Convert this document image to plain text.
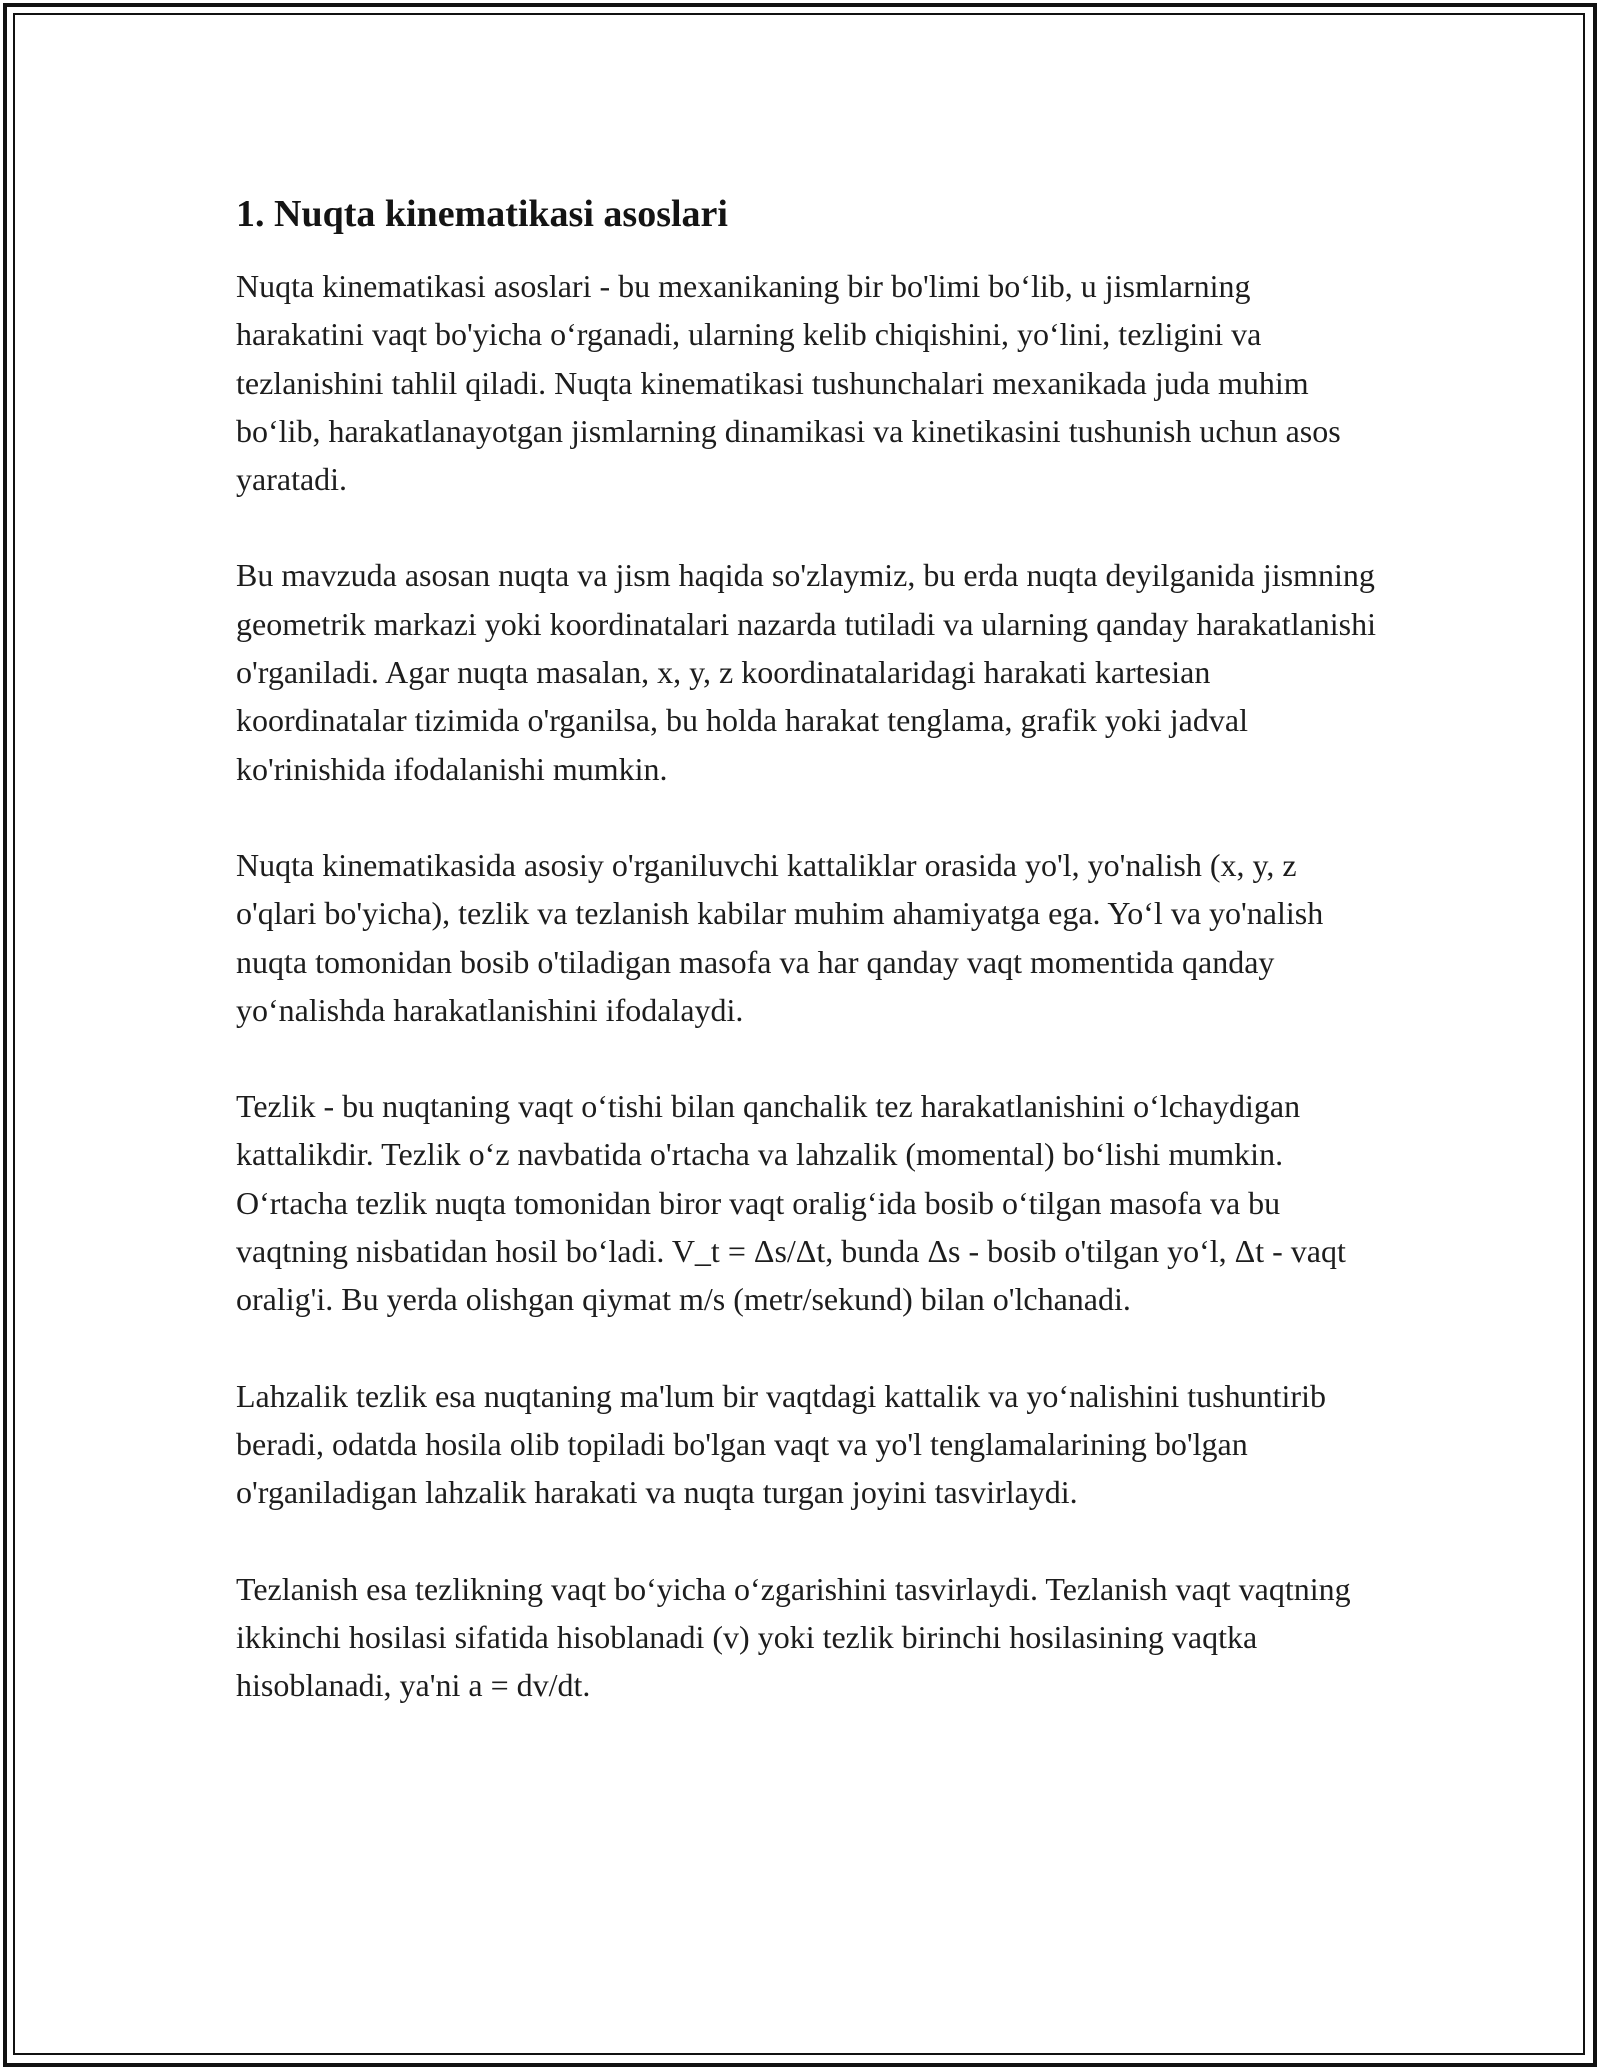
1. Nuqta kinematikasi asoslari

Nuqta kinematikasi asoslari - bu mexanikaning bir bo'limi bo‘lib, u jismlarning harakatini vaqt bo'yicha o‘rganadi, ularning kelib chiqishini, yo‘lini, tezligini va tezlanishini tahlil qiladi. Nuqta kinematikasi tushunchalari mexanikada juda muhim bo‘lib, harakatlanayotgan jismlarning dinamikasi va kinetikasini tushunish uchun asos yaratadi.

Bu mavzuda asosan nuqta va jism haqida so'zlaymiz, bu erda nuqta deyilganida jismning geometrik markazi yoki koordinatalari nazarda tutiladi va ularning qanday harakatlanishi o'rganiladi. Agar nuqta masalan, x, y, z koordinatalaridagi harakati kartesian koordinatalar tizimida o'rganilsa, bu holda harakat tenglama, grafik yoki jadval ko'rinishida ifodalanishi mumkin.

Nuqta kinematikasida asosiy o'rganiluvchi kattaliklar orasida yo'l, yo'nalish (x, y, z o'qlari bo'yicha), tezlik va tezlanish kabilar muhim ahamiyatga ega. Yo‘l va yo'nalish nuqta tomonidan bosib o'tiladigan masofa va har qanday vaqt momentida qanday yo‘nalishda harakatlanishini ifodalaydi.

Tezlik - bu nuqtaning vaqt o‘tishi bilan qanchalik tez harakatlanishini o‘lchaydigan kattalikdir. Tezlik o‘z navbatida o'rtacha va lahzalik (momental) bo‘lishi mumkin. O‘rtacha tezlik nuqta tomonidan biror vaqt oralig‘ida bosib o‘tilgan masofa va bu vaqtning nisbatidan hosil bo‘ladi. V_t = Δs/Δt, bunda Δs - bosib o'tilgan yo‘l, Δt - vaqt oralig'i. Bu yerda olishgan qiymat m/s (metr/sekund) bilan o'lchanadi.

Lahzalik tezlik esa nuqtaning ma'lum bir vaqtdagi kattalik va yo‘nalishini tushuntirib beradi, odatda hosila olib topiladi bo'lgan vaqt va yo'l tenglamalarining bo'lgan o'rganiladigan lahzalik harakati va nuqta turgan joyini tasvirlaydi.

Tezlanish esa tezlikning vaqt bo‘yicha o‘zgarishini tasvirlaydi. Tezlanish vaqt vaqtning ikkinchi hosilasi sifatida hisoblanadi (v) yoki tezlik birinchi hosilasining vaqtka hisoblanadi, ya'ni a = dv/dt.
